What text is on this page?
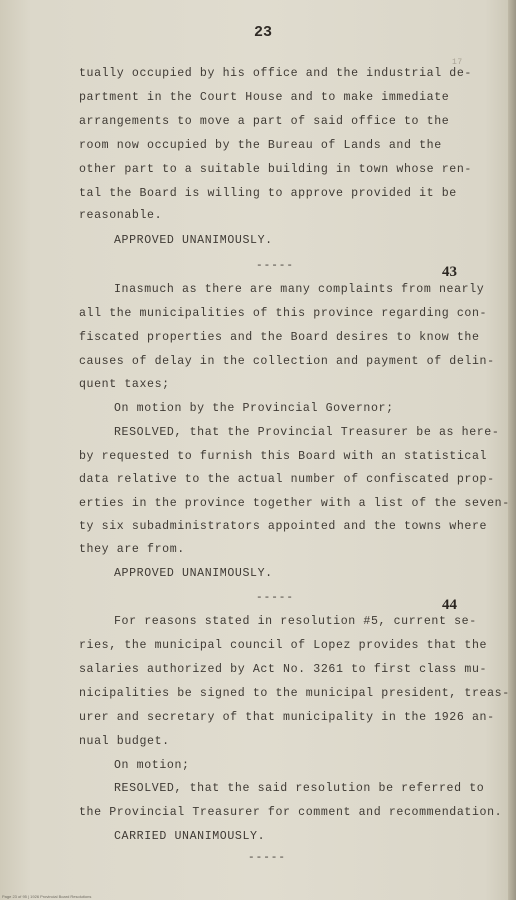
23
17
tually occupied by his office and the industrial de-
partment in the Court House and to make immediate
arrangements to move a part of said office to the
room now occupied by the Bureau of Lands and the
other part to a suitable building in town whose ren-
tal the Board is willing to approve provided it be
reasonable.
APPROVED UNANIMOUSLY.
-----	43
Inasmuch as there are many complaints from nearly
all the municipalities of this province regarding con-
fiscated properties and the Board desires to know the
causes of delay in the collection and payment of delin-
quent taxes;
On motion by the Provincial Governor;
RESOLVED, that the Provincial Treasurer be as here-
by requested to furnish this Board with an statistical
data relative to the actual number of confiscated prop-
erties in the province together with a list of the seven-
ty six subadministrators appointed and the towns where
they are from.
APPROVED UNANIMOUSLY.
-----	44
For reasons stated in resolution #5, current se-
ries, the municipal council of Lopez provides that the
salaries authorized by Act No. 3261 to first class mu-
nicipalities be signed to the municipal president, treas-
urer and secretary of that municipality in the 1926 an-
nual budget.
On motion;
RESOLVED, that the said resolution be referred to
the Provincial Treasurer for comment and recommendation.
CARRIED UNANIMOUSLY.
-----
Page 23 of 95 | 1926 Provincial Board Resolutions
